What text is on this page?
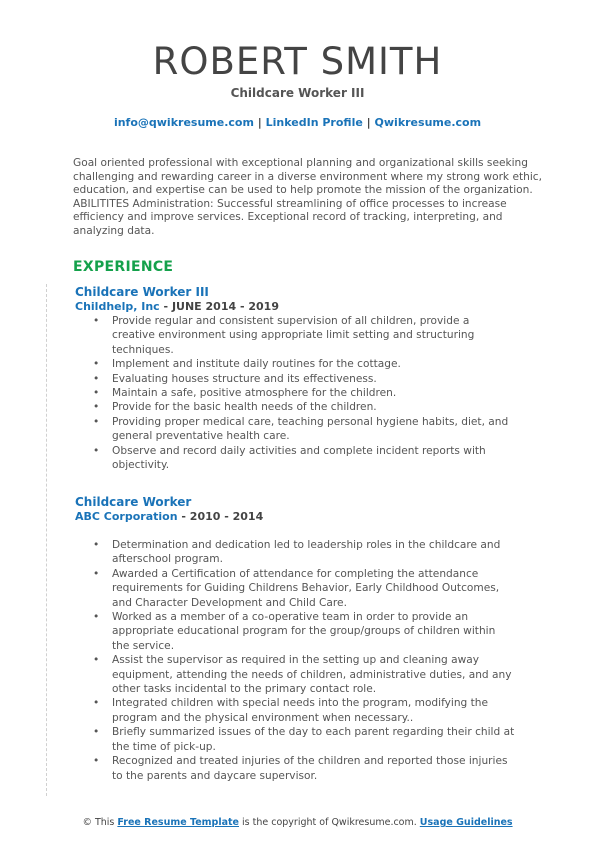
ROBERT SMITH
Childcare Worker III
info@qwikresume.com | LinkedIn Profile | Qwikresume.com
Goal oriented professional with exceptional planning and organizational skills seeking challenging and rewarding career in a diverse environment where my strong work ethic, education, and expertise can be used to help promote the mission of the organization. ABILITITES Administration: Successful streamlining of office processes to increase efficiency and improve services. Exceptional record of tracking, interpreting, and analyzing data.
EXPERIENCE
Childcare Worker III
Childhelp, Inc - JUNE 2014 - 2019
• Provide regular and consistent supervision of all children, provide a creative environment using appropriate limit setting and structuring techniques.
• Implement and institute daily routines for the cottage.
• Evaluating houses structure and its effectiveness.
• Maintain a safe, positive atmosphere for the children.
• Provide for the basic health needs of the children.
• Providing proper medical care, teaching personal hygiene habits, diet, and general preventative health care.
• Observe and record daily activities and complete incident reports with objectivity.
Childcare Worker
ABC Corporation - 2010 - 2014
• Determination and dedication led to leadership roles in the childcare and afterschool program.
• Awarded a Certification of attendance for completing the attendance requirements for Guiding Childrens Behavior, Early Childhood Outcomes, and Character Development and Child Care.
• Worked as a member of a co-operative team in order to provide an appropriate educational program for the group/groups of children within the service.
• Assist the supervisor as required in the setting up and cleaning away equipment, attending the needs of children, administrative duties, and any other tasks incidental to the primary contact role.
• Integrated children with special needs into the program, modifying the program and the physical environment when necessary..
• Briefly summarized issues of the day to each parent regarding their child at the time of pick-up.
• Recognized and treated injuries of the children and reported those injuries to the parents and daycare supervisor.
© This Free Resume Template is the copyright of Qwikresume.com. Usage Guidelines
